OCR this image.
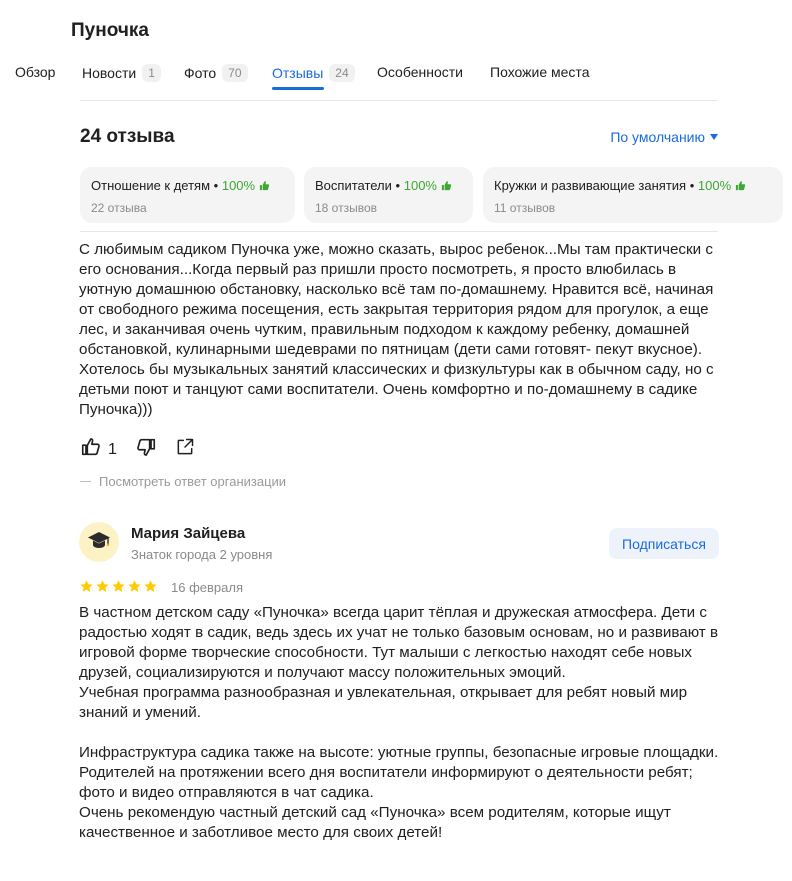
Пуночка
Обзор Новости	1	Фото	70	Отзывы	24	Особенности Похожие места
24 отзыва	По умолчанию
Отношение к детям • 100%
22 отзыва
Воспитатели • 100%
18 отзывов
Кружки и развивающие занятия • 100%
11 отзывов
С любимым садиком Пуночка уже, можно сказать, вырос ребенок...Мы там практически с его основания...Когда первый раз пришли просто посмотреть, я просто влюбилась в уютную домашнюю обстановку, насколько всё там по-домашнему. Нравится всё, начиная от свободного режима посещения, есть закрытая территория рядом для прогулок, а еще лес, и заканчивая очень чутким, правильным подходом к каждому ребенку, домашней обстановкой, кулинарными шедеврами по пятницам (дети сами готовят- пекут вкусное). Хотелось бы музыкальных занятий классических и физкультуры как в обычном саду, но с детьми поют и танцуют сами воспитатели. Очень комфортно и по-домашнему в садике Пуночка)))
1
Посмотреть ответ организации
Мария Зайцева
Знаток города 2 уровня
Подписаться
16 февраля
В частном детском саду «Пуночка» всегда царит тёплая и дружеская атмосфера. Дети с радостью ходят в садик, ведь здесь их учат не только базовым основам, но и развивают в игровой форме творческие способности. Тут малыши с легкостью находят себе новых друзей, социализируются и получают массу положительных эмоций.
Учебная программа разнообразная и увлекательная, открывает для ребят новый мир знаний и умений.

Инфраструктура садика также на высоте: уютные группы, безопасные игровые площадки. Родителей на протяжении всего дня воспитатели информируют о деятельности ребят; фото и видео отправляются в чат садика.
Очень рекомендую частный детский сад «Пуночка» всем родителям, которые ищут качественное и заботливое место для своих детей!
